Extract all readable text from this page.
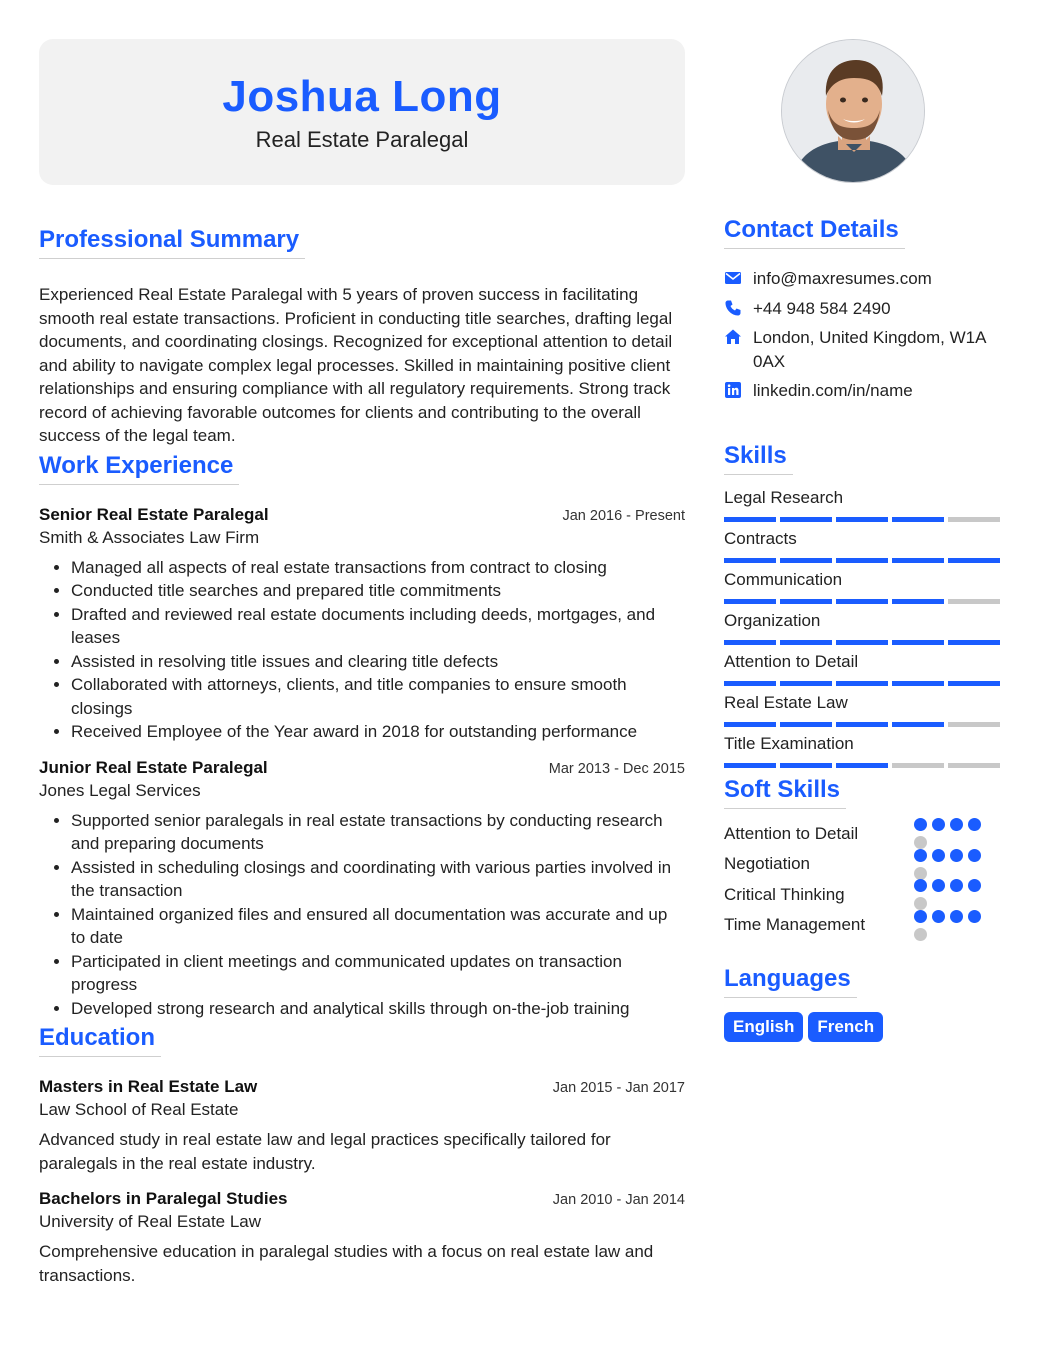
Joshua Long
Real Estate Paralegal
Professional Summary

Experienced Real Estate Paralegal with 5 years of proven success in facilitating smooth real estate transactions. Proficient in conducting title searches, drafting legal documents, and coordinating closings. Recognized for exceptional attention to detail and ability to navigate complex legal processes. Skilled in maintaining positive client relationships and ensuring compliance with all regulatory requirements. Strong track record of achieving favorable outcomes for clients and contributing to the overall success of the legal team.

Work Experience
Senior Real Estate Paralegal	Jan 2016 - Present
Smith & Associates Law Firm
• Managed all aspects of real estate transactions from contract to closing
• Conducted title searches and prepared title commitments
• Drafted and reviewed real estate documents including deeds, mortgages, and leases
• Assisted in resolving title issues and clearing title defects
• Collaborated with attorneys, clients, and title companies to ensure smooth closings
• Received Employee of the Year award in 2018 for outstanding performance
Junior Real Estate Paralegal	Mar 2013 - Dec 2015
Jones Legal Services
• Supported senior paralegals in real estate transactions by conducting research and preparing documents
• Assisted in scheduling closings and coordinating with various parties involved in the transaction
• Maintained organized files and ensured all documentation was accurate and up to date
• Participated in client meetings and communicated updates on transaction progress
• Developed strong research and analytical skills through on-the-job training
Education
Masters in Real Estate Law	Jan 2015 - Jan 2017
Law School of Real Estate

Advanced study in real estate law and legal practices specifically tailored for paralegals in the real estate industry.

Bachelors in Paralegal Studies	Jan 2010 - Jan 2014
University of Real Estate Law

Comprehensive education in paralegal studies with a focus on real estate law and transactions.

Contact Details
info@maxresumes.com
+44 948 584 2490
London, United Kingdom, W1A 0AX
linkedin.com/in/name
Skills
Legal Research
Contracts
Communication
Organization
Attention to Detail
Real Estate Law
Title Examination
Soft Skills
Attention to Detail
Negotiation
Critical Thinking
Time Management
Languages
English	French
